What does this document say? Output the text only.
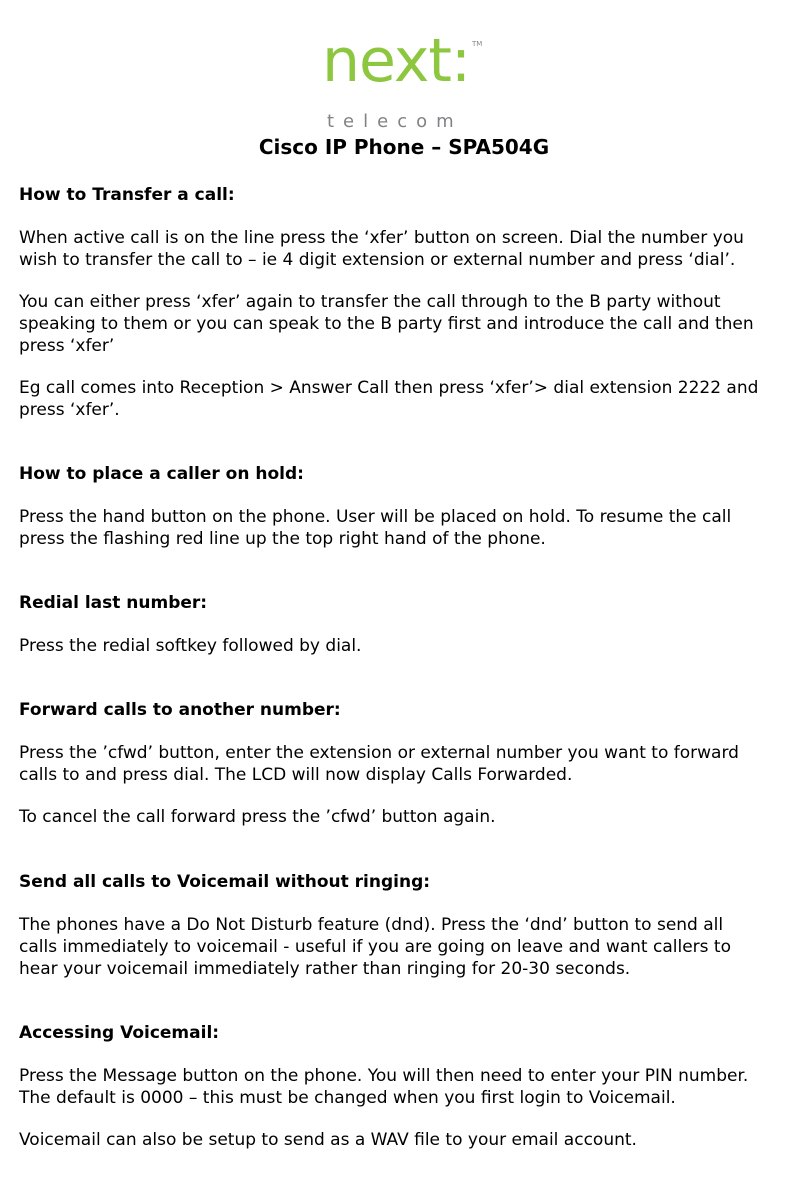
next: TM
telecom
Cisco IP Phone – SPA504G
How to Transfer a call:

When active call is on the line press the ‘xfer’ button on screen. Dial the number you
wish to transfer the call to – ie 4 digit extension or external number and press ‘dial’.

You can either press ‘xfer’ again to transfer the call through to the B party without
speaking to them or you can speak to the B party first and introduce the call and then
press ‘xfer’

Eg call comes into Reception > Answer Call then press ‘xfer’> dial extension 2222 and
press ‘xfer’.

How to place a caller on hold:

Press the hand button on the phone. User will be placed on hold. To resume the call
press the flashing red line up the top right hand of the phone.

Redial last number:

Press the redial softkey followed by dial.

Forward calls to another number:

Press the ’cfwd’ button, enter the extension or external number you want to forward
calls to and press dial. The LCD will now display Calls Forwarded.

To cancel the call forward press the ’cfwd’ button again.

Send all calls to Voicemail without ringing:

The phones have a Do Not Disturb feature (dnd). Press the ‘dnd’ button to send all
calls immediately to voicemail - useful if you are going on leave and want callers to
hear your voicemail immediately rather than ringing for 20-30 seconds.

Accessing Voicemail:

Press the Message button on the phone. You will then need to enter your PIN number.
The default is 0000 – this must be changed when you first login to Voicemail.

Voicemail can also be setup to send as a WAV file to your email account.
